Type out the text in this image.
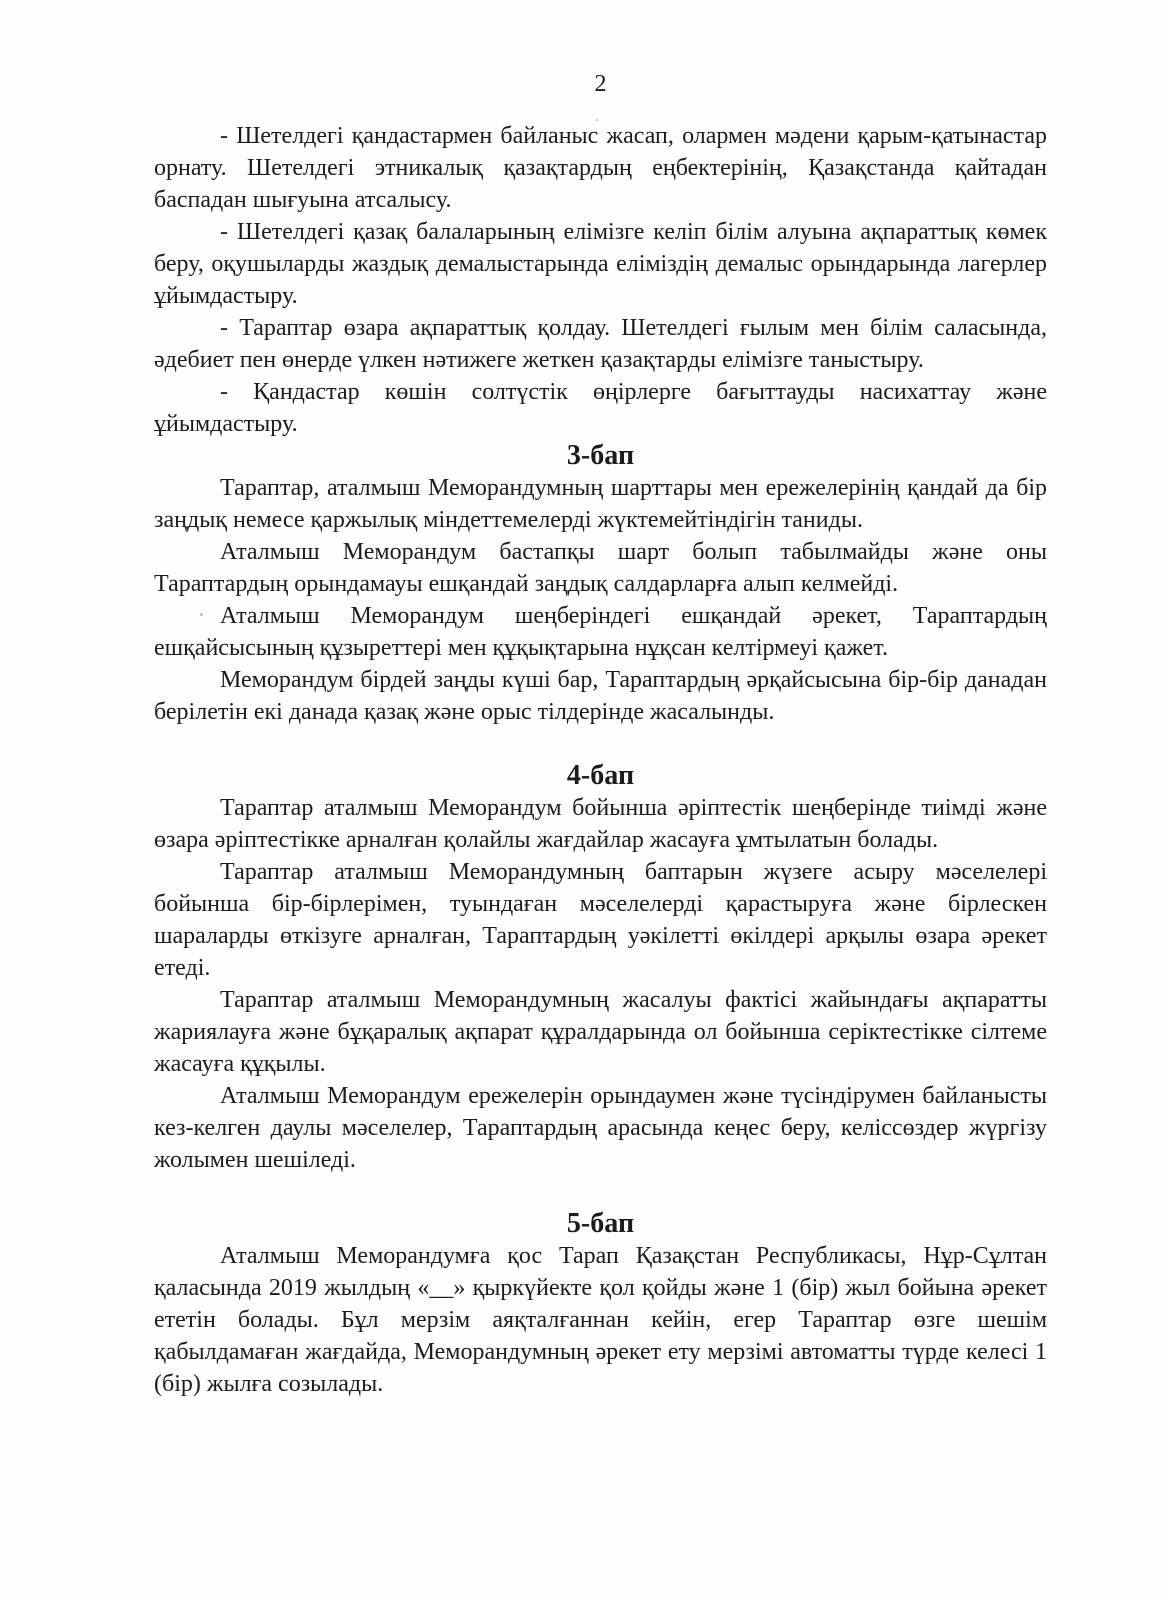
2

- Шетелдегі қандастармен байланыс жасап, олармен мәдени қарым-қатынастар орнату. Шетелдегі этникалық қазақтардың еңбектерінің, Қазақстанда қайтадан баспадан шығуына атсалысу.

- Шетелдегі қазақ балаларының елімізге келіп білім алуына ақпараттық көмек беру, оқушыларды жаздық демалыстарында еліміздің демалыс орындарында лагерлер ұйымдастыру.

- Тараптар өзара ақпараттық қолдау. Шетелдегі ғылым мен білім саласында, әдебиет пен өнерде үлкен нәтижеге жеткен қазақтарды елімізге таныстыру.

- Қандастар көшін солтүстік өңірлерге бағыттауды насихаттау және ұйымдастыру.

3-бап

Тараптар, аталмыш Меморандумның шарттары мен ережелерінің қандай да бір заңдық немесе қаржылық міндеттемелерді жүктемейтіндігін таниды.

Аталмыш Меморандум бастапқы шарт болып табылмайды және оны Тараптардың орындамауы ешқандай заңдық салдарларға алып келмейді.

Аталмыш Меморандум шеңберіндегі ешқандай әрекет, Тараптардың ешқайсысының құзыреттері мен құқықтарына нұқсан келтірмеуі қажет.

Меморандум бірдей заңды күші бар, Тараптардың әрқайсысына бір-бір данадан берілетін екі данада қазақ және орыс тілдерінде жасалынды.

4-бап

Тараптар аталмыш Меморандум бойынша әріптестік шеңберінде тиімді және өзара әріптестікке арналған қолайлы жағдайлар жасауға ұмтылатын болады.

Тараптар аталмыш Меморандумның баптарын жүзеге асыру мәселелері бойынша бір-бірлерімен, туындаған мәселелерді қарастыруға және бірлескен шараларды өткізуге арналған, Тараптардың уәкілетті өкілдері арқылы өзара әрекет етеді.

Тараптар аталмыш Меморандумның жасалуы фактісі жайындағы ақпаратты жариялауға және бұқаралық ақпарат құралдарында ол бойынша серіктестікке сілтеме жасауға құқылы.

Аталмыш Меморандум ережелерін орындаумен және түсіндірумен байланысты кез-келген даулы мәселелер, Тараптардың арасында кеңес беру, келіссөздер жүргізу жолымен шешіледі.

5-бап

Аталмыш Меморандумға қос Тарап Қазақстан Республикасы, Нұр-Сұлтан қаласында 2019 жылдың «__» қыркүйекте қол қойды және 1 (бір) жыл бойына әрекет ететін болады. Бұл мерзім аяқталғаннан кейін, егер Тараптар өзге шешім қабылдамаған жағдайда, Меморандумның әрекет ету мерзімі автоматты түрде келесі 1 (бір) жылға созылады.
